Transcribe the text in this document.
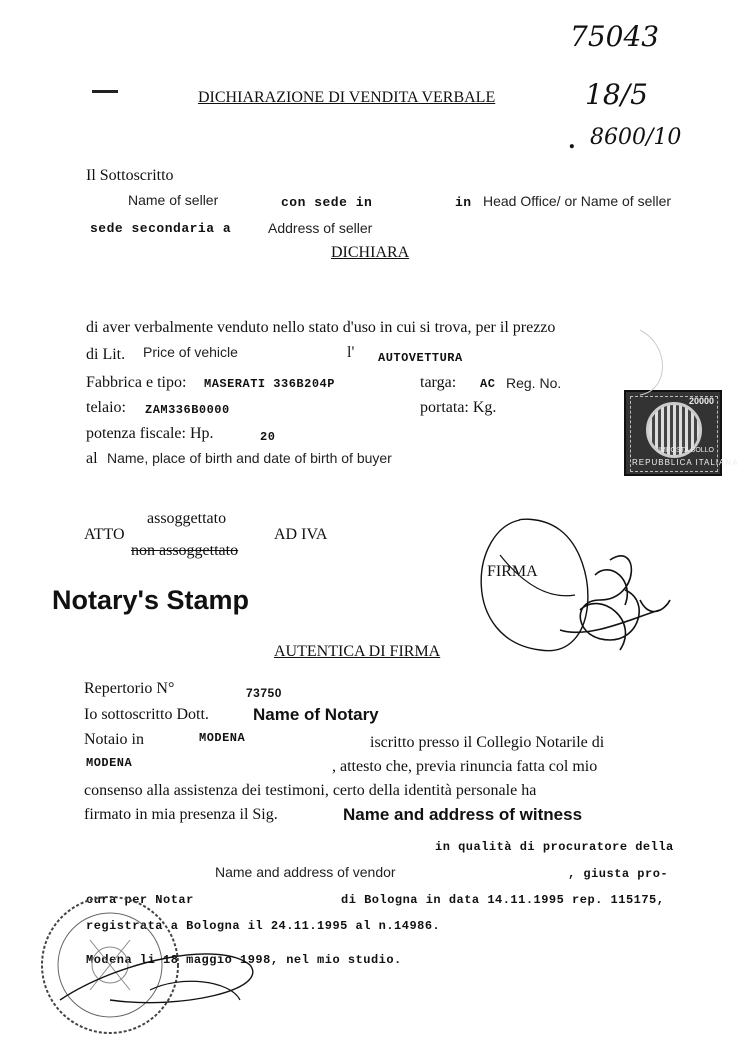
75043
18/5
8600/10
.
DICHIARAZIONE DI VENDITA VERBALE
Il Sottoscritto
Name of seller	con sede in	in Head Office/ or Name of seller
sede secondaria a	Address of seller
DICHIARA
di aver verbalmente venduto nello stato d'uso in cui si trova, per il prezzo
di Lit. Price of vehicle	l' AUTOVETTURA
Fabbrica e tipo: MASERATI 336B204P	targa: AC Reg. No.
telaio: ZAM336B0000	portata: Kg.
potenza fiscale: Hp.	20
al Name, place of birth and date of birth of buyer	REPUBBLICA ITALIANA
20000
IMPOSTA BOLLO
assoggettato
ATTO
non assoggettato
AD IVA
FIRMA
Notary's Stamp
AUTENTICA DI FIRMA
Repertorio N°	73750
Io sottoscritto Dott.	Name of Notary
Notaio in	MODENA	iscritto presso il Collegio Notarile di
MODENA	, attesto che, previa rinuncia fatta col mio
consenso alla assistenza dei testimoni, certo della identità personale ha
firmato in mia presenza il Sig.	Name and address of witness
in qualità di procuratore della
Name and address of vendor	, giusta pro-
cura per Notar	di Bologna in data 14.11.1995 rep. 115175,
registrata a Bologna il 24.11.1995 al n.14986.
Modena li 18 maggio 1998, nel mio studio.
